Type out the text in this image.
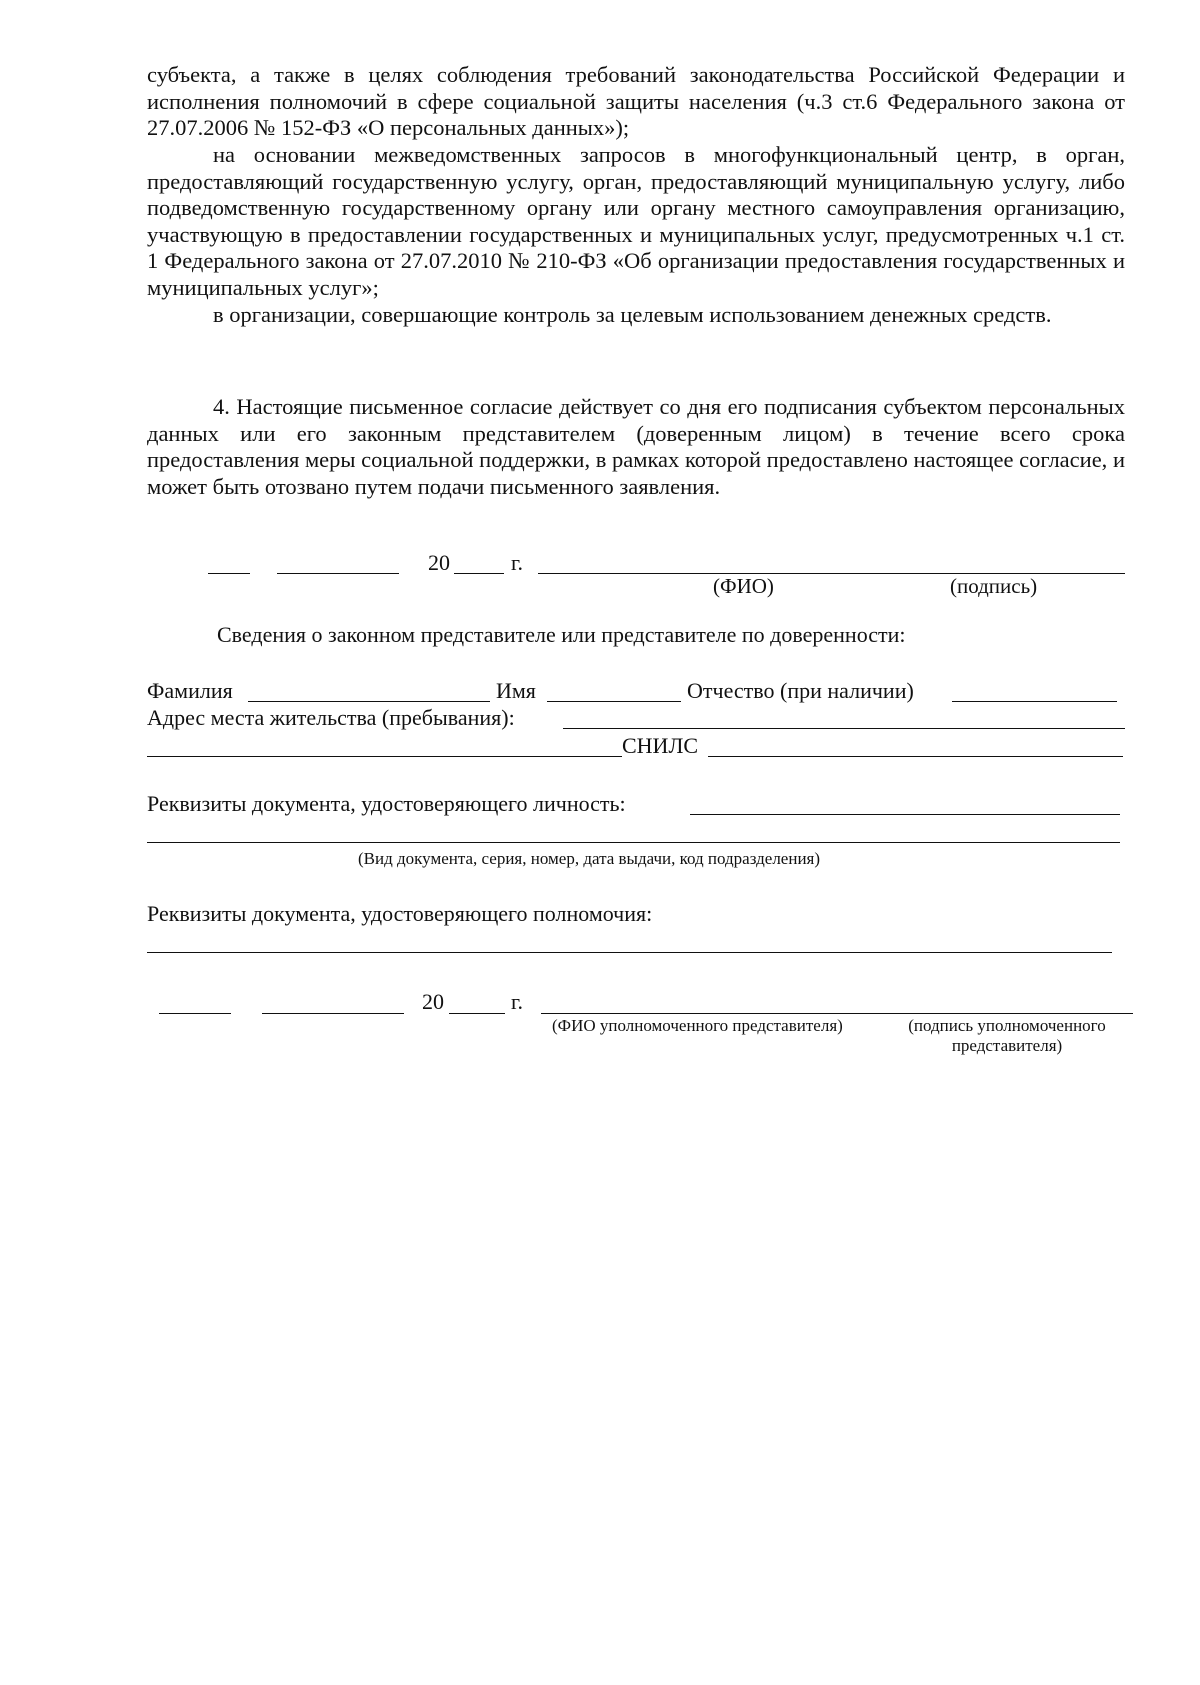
субъекта, а также в целях соблюдения требований законодательства Российской Федерации и исполнения полномочий в сфере социальной защиты населения (ч.3 ст.6 Федерального закона от 27.07.2006 № 152-ФЗ «О персональных данных»);
на основании межведомственных запросов в многофункциональный центр, в орган, предоставляющий государственную услугу, орган, предоставляющий муниципальную услугу, либо подведомственную государственному органу или органу местного самоуправления организацию, участвующую в предоставлении государственных и муниципальных услуг, предусмотренных ч.1 ст. 1 Федерального закона от 27.07.2010 № 210-ФЗ «Об организации предоставления государственных и муниципальных услуг»;
в организации, совершающие контроль за целевым использованием денежных средств.
4. Настоящие письменное согласие действует со дня его подписания субъектом персональных данных или его законным представителем (доверенным лицом) в течение всего срока предоставления меры социальной поддержки, в рамках которой предоставлено настоящее согласие, и может быть отозвано путем подачи письменного заявления.
20	г.
(ФИО)	(подпись)
Сведения о законном представителе или представителе по доверенности:
Фамилия	Имя	Отчество (при наличии)
Адрес места жительства (пребывания):
СНИЛС
Реквизиты документа, удостоверяющего личность:
(Вид документа, серия, номер, дата выдачи, код подразделения)
Реквизиты документа, удостоверяющего полномочия:
20	г.
(ФИО уполномоченного представителя)	(подпись уполномоченного
представителя)
